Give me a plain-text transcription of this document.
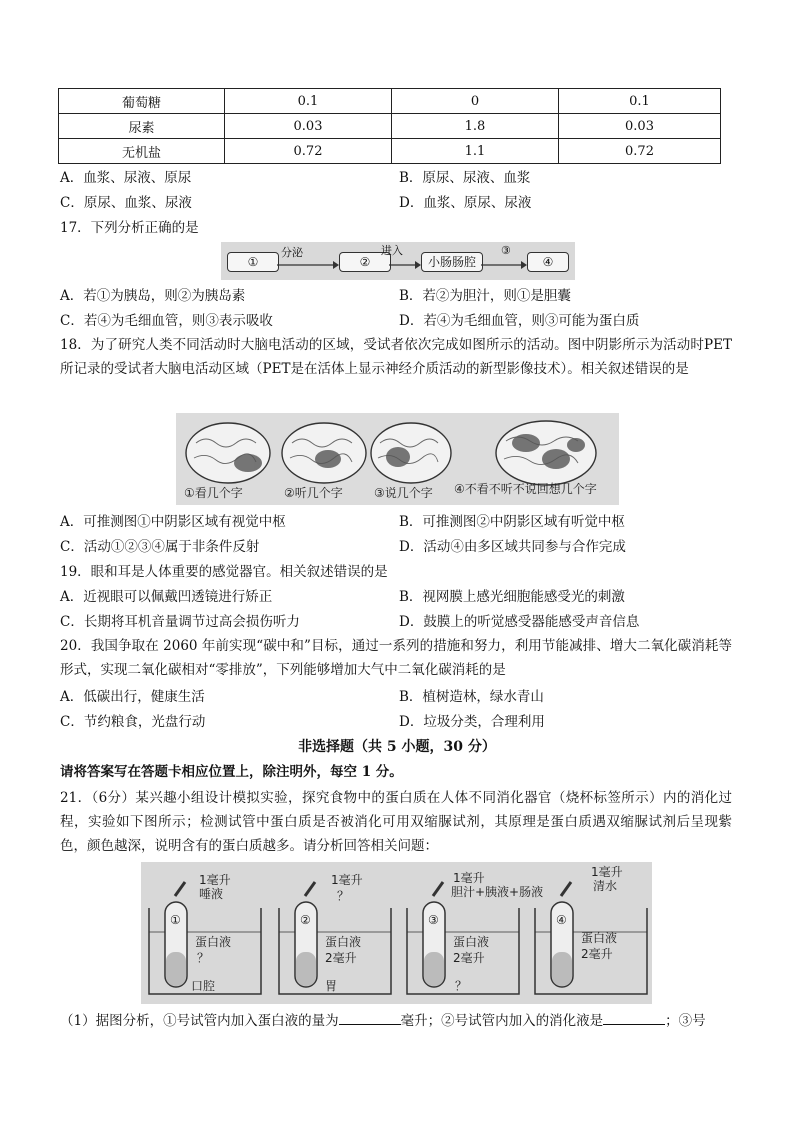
葡萄糖	0.1	0	0.1
尿素	0.03	1.8	0.03
无机盐	0.72	1.1	0.72
A．血浆、尿液、原尿	B．原尿、尿液、血浆
C．原尿、血浆、尿液	D．血浆、原尿、尿液
17．下列分析正确的是
①
分泌
②
进入
小肠肠腔
③
④
A．若①为胰岛，则②为胰岛素	B．若②为胆汁，则①是胆囊
C．若④为毛细血管，则③表示吸收	D．若④为毛细血管，则③可能为蛋白质
18．为了研究人类不同活动时大脑电活动的区域，受试者依次完成如图所示的活动。图中阴影所示为活动时PET所记录的受试者大脑电活动区域（PET是在活体上显示神经介质活动的新型影像技术）。相关叙述错误的是
①看几个字	②听几个字	③说几个字 ④不看不听不说回想几个字
A．可推测图①中阴影区域有视觉中枢	B．可推测图②中阴影区域有听觉中枢
C．活动①②③④属于非条件反射	D．活动④由多区域共同参与合作完成
19．眼和耳是人体重要的感觉器官。相关叙述错误的是
A．近视眼可以佩戴凹透镜进行矫正	B．视网膜上感光细胞能感受光的刺激
C．长期将耳机音量调节过高会损伤听力	D．鼓膜上的听觉感受器能感受声音信息
20．我国争取在 2060 年前实现“碳中和”目标，通过一系列的措施和努力，利用节能减排、增大二氧化碳消耗等形式，实现二氧化碳相对“零排放”，下列能够增加大气中二氧化碳消耗的是
A．低碳出行，健康生活	B．植树造林，绿水青山
C．节约粮食，光盘行动	D．垃圾分类，合理利用
非选择题（共 5 小题，30 分）
请将答案写在答题卡相应位置上，除注明外，每空 1 分。
21．（6分）某兴趣小组设计模拟实验，探究食物中的蛋白质在人体不同消化器官（烧杯标签所示）内的消化过程，实验如下图所示；检测试管中蛋白质是否被消化可用双缩脲试剂，其原理是蛋白质遇双缩脲试剂后呈现紫色，颜色越深，说明含有的蛋白质越多。请分析回答相关问题：
①
1毫升
唾液
蛋白液
？
口腔
②
1毫升
？
蛋白液
2毫升
胃
③
1毫升
胆汁+胰液+肠液
蛋白液
2毫升
？
④
1毫升
清水
蛋白液
2毫升
（1）据图分析，①号试管内加入蛋白液的量为	毫升；②号试管内加入的消化液是	；③号
